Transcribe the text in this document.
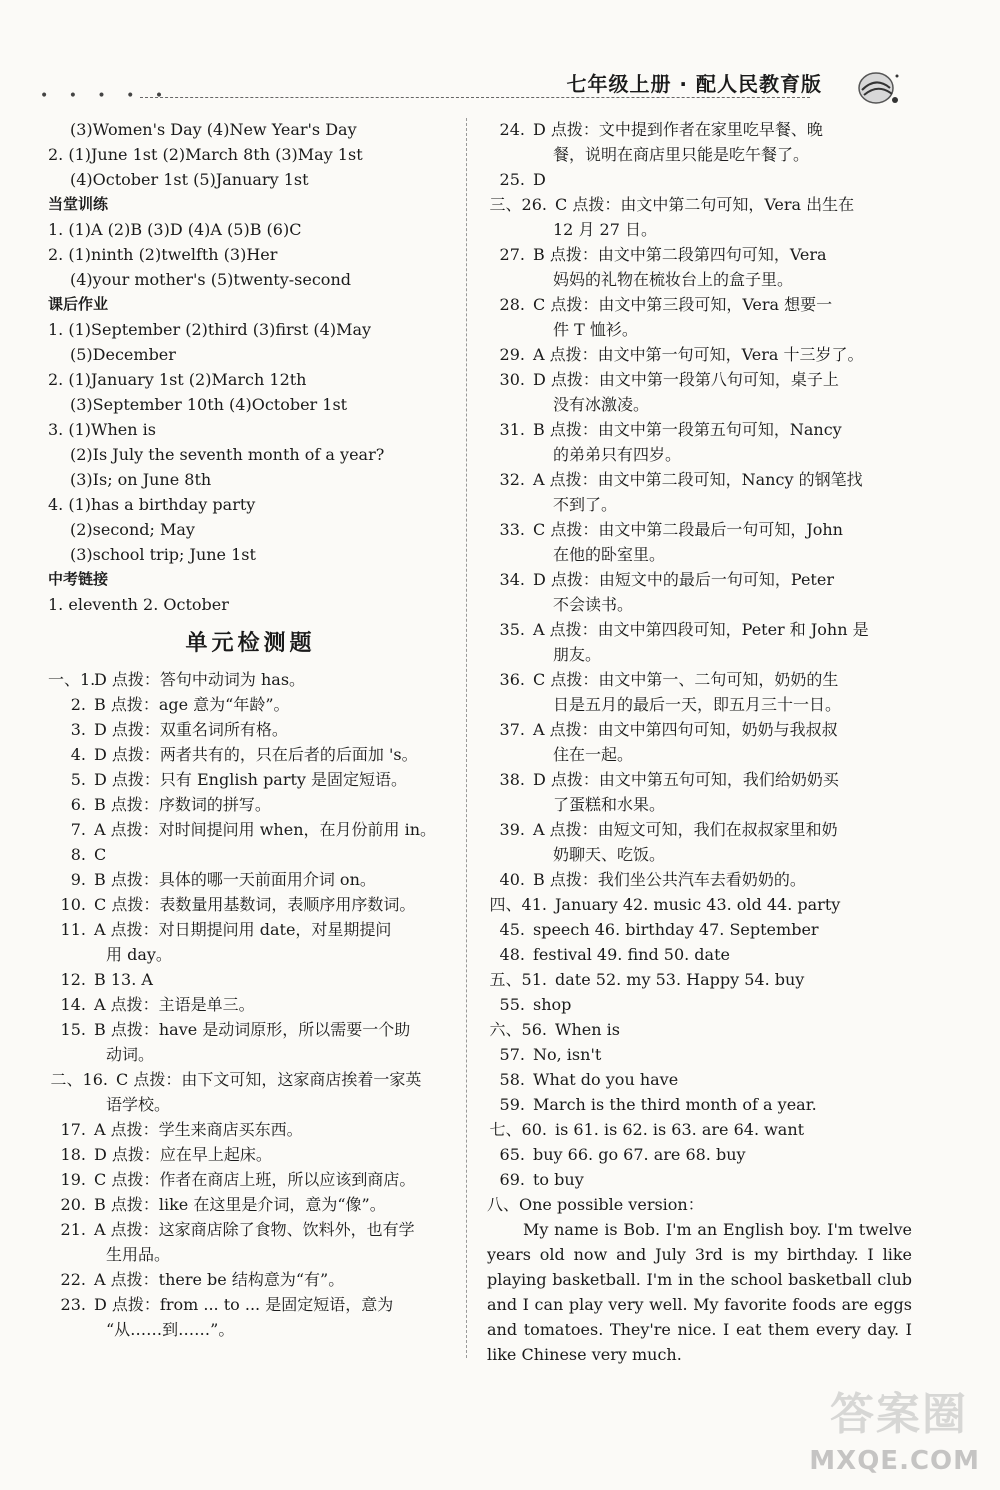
• • • • •	七年级上册 · 配人民教育版
(3)Women's Day (4)New Year's Day
2. (1)June 1st (2)March 8th (3)May 1st
(4)October 1st (5)January 1st
当堂训练
1. (1)A (2)B (3)D (4)A (5)B (6)C
2. (1)ninth (2)twelfth (3)Her
(4)your mother's (5)twenty-second
课后作业
1. (1)September (2)third (3)first (4)May
(5)December
2. (1)January 1st (2)March 12th
(3)September 10th (4)October 1st
3. (1)When is
(2)Is July the seventh month of a year?
(3)Is; on June 8th
4. (1)has a birthday party
(2)second; May
(3)school trip; June 1st
中考链接
1. eleventh 2. October
单元检测题
一、1.D 点拨：答句中动词为 has。
2. B 点拨：age 意为“年龄”。
3. D 点拨：双重名词所有格。
4. D 点拨：两者共有的，只在后者的后面加 's。
5. D 点拨：只有 English party 是固定短语。
6. B 点拨：序数词的拼写。
7. A 点拨：对时间提问用 when，在月份前用 in。
8. C
9. B 点拨：具体的哪一天前面用介词 on。
10. C 点拨：表数量用基数词，表顺序用序数词。
11. A 点拨：对日期提问用 date，对星期提问
用 day。
12. B 13. A
14. A 点拨：主语是单三。
15. B 点拨：have 是动词原形，所以需要一个助
动词。
二、16. C 点拨：由下文可知，这家商店挨着一家英
语学校。
17. A 点拨：学生来商店买东西。
18. D 点拨：应在早上起床。
19. C 点拨：作者在商店上班，所以应该到商店。
20. B 点拨：like 在这里是介词，意为“像”。
21. A 点拨：这家商店除了食物、饮料外，也有学
生用品。
22. A 点拨：there be 结构意为“有”。
23. D 点拨：from ... to ... 是固定短语，意为
“从……到……”。
24. D 点拨：文中提到作者在家里吃早餐、晚
餐，说明在商店里只能是吃午餐了。
25. D
三、26. C 点拨：由文中第二句可知，Vera 出生在
12 月 27 日。
27. B 点拨：由文中第二段第四句可知，Vera
妈妈的礼物在梳妆台上的盒子里。
28. C 点拨：由文中第三段可知，Vera 想要一
件 T 恤衫。
29. A 点拨：由文中第一句可知，Vera 十三岁了。
30. D 点拨：由文中第一段第八句可知，桌子上
没有冰激凌。
31. B 点拨：由文中第一段第五句可知，Nancy
的弟弟只有四岁。
32. A 点拨：由文中第二段可知，Nancy 的钢笔找
不到了。
33. C 点拨：由文中第二段最后一句可知，John
在他的卧室里。
34. D 点拨：由短文中的最后一句可知，Peter
不会读书。
35. A 点拨：由文中第四段可知，Peter 和 John 是
朋友。
36. C 点拨：由文中第一、二句可知，奶奶的生
日是五月的最后一天，即五月三十一日。
37. A 点拨：由文中第四句可知，奶奶与我叔叔
住在一起。
38. D 点拨：由文中第五句可知，我们给奶奶买
了蛋糕和水果。
39. A 点拨：由短文可知，我们在叔叔家里和奶
奶聊天、吃饭。
40. B 点拨：我们坐公共汽车去看奶奶的。
四、41. January 42. music 43. old 44. party
45. speech 46. birthday 47. September
48. festival 49. find 50. date
五、51. date 52. my 53. Happy 54. buy
55. shop
六、56. When is
57. No, isn't
58. What do you have
59. March is the third month of a year.
七、60. is 61. is 62. is 63. are 64. want
65. buy 66. go 67. are 68. buy
69. to buy
八、One possible version：
My name is Bob. I'm an English boy. I'm twelve years old now and July 3rd is my birthday. I like playing basketball. I'm in the school basketball club and I can play very well. My favorite foods are eggs and tomatoes. They're nice. I eat them every day. I like Chinese very much.
答案圈
MXQE.COM
